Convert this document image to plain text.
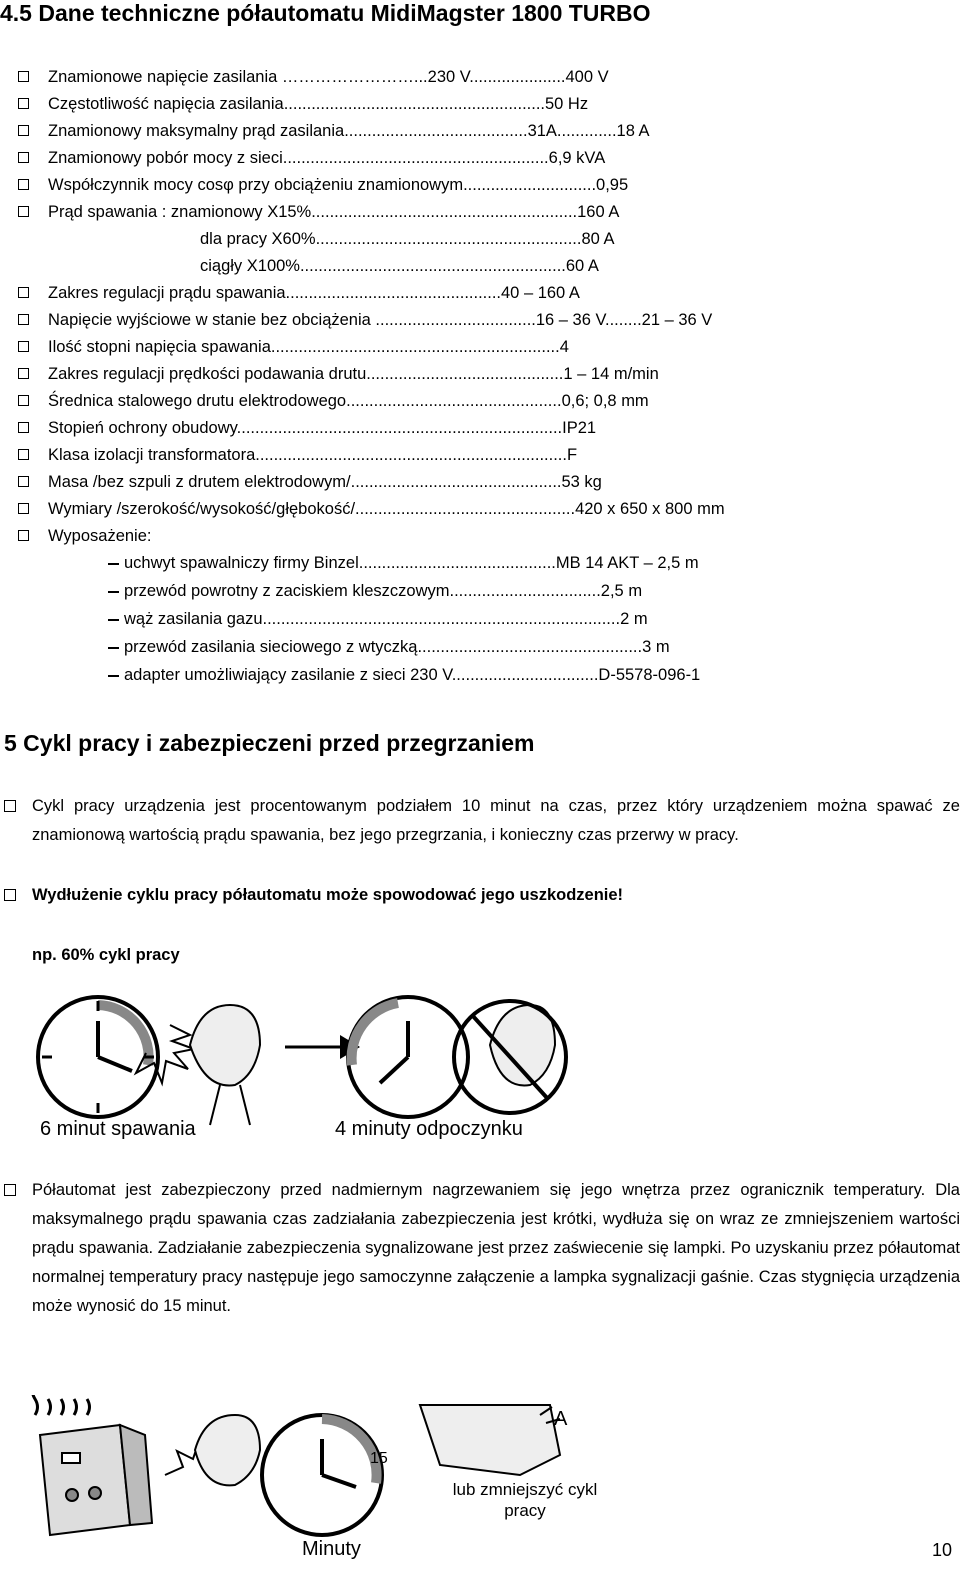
4.5 Dane techniczne półautomatu MidiMagster 1800 TURBO
Znamionowe napięcie zasilania ……………………...230 V.....................400 V
Częstotliwość napięcia zasilania.........................................................50 Hz
Znamionowy maksymalny prąd zasilania........................................31A.............18 A
Znamionowy pobór mocy z sieci..........................................................6,9 kVA
Współczynnik mocy cosφ przy obciążeniu znamionowym.............................0,95
Prąd spawania : znamionowy X15%..........................................................160 A
dla pracy X60%..........................................................80 A
ciągły X100%..........................................................60 A
Zakres regulacji prądu spawania...............................................40 – 160 A
Napięcie wyjściowe w stanie bez obciążenia ...................................16 – 36 V........21 – 36 V
Ilość stopni napięcia spawania...............................................................4
Zakres regulacji prędkości podawania drutu...........................................1 – 14 m/min
Średnica stalowego drutu elektrodowego...............................................0,6; 0,8 mm
Stopień ochrony obudowy.......................................................................IP21
Klasa izolacji transformatora....................................................................F
Masa /bez szpuli z drutem elektrodowym/..............................................53 kg
Wymiary /szerokość/wysokość/głębokość/................................................420 x 650 x 800 mm
Wyposażenie:
uchwyt spawalniczy firmy Binzel...........................................MB 14 AKT – 2,5 m
przewód powrotny z zaciskiem kleszczowym.................................2,5 m
wąż zasilania gazu..............................................................................2 m
przewód zasilania sieciowego z wtyczką.................................................3 m
adapter umożliwiający zasilanie z sieci 230 V................................D-5578-096-1
5 Cykl pracy i zabezpieczeni przed przegrzaniem
Cykl pracy urządzenia jest procentowanym podziałem 10 minut na czas, przez który urządzeniem można spawać ze znamionową wartością prądu spawania, bez jego przegrzania, i konieczny czas przerwy w pracy.
Wydłużenie cyklu pracy półautomatu może spowodować jego uszkodzenie!
np. 60% cykl pracy
6 minut spawania	4 minuty odpoczynku
Półautomat jest zabezpieczony przed nadmiernym nagrzewaniem się jego wnętrza przez ogranicznik temperatury. Dla maksymalnego prądu spawania czas zadziałania zabezpieczenia jest krótki, wydłuża się on wraz ze zmniejszeniem wartości prądu spawania. Zadziałanie zabezpieczenia sygnalizowane jest przez zaświecenie się lampki. Po uzyskaniu przez półautomat normalnej temperatury pracy następuje jego samoczynne załączenie a lampka sygnalizacji gaśnie. Czas stygnięcia urządzenia może wynosić do 15 minut.
15
Minuty
A
lub zmniejszyć cykl pracy
10
